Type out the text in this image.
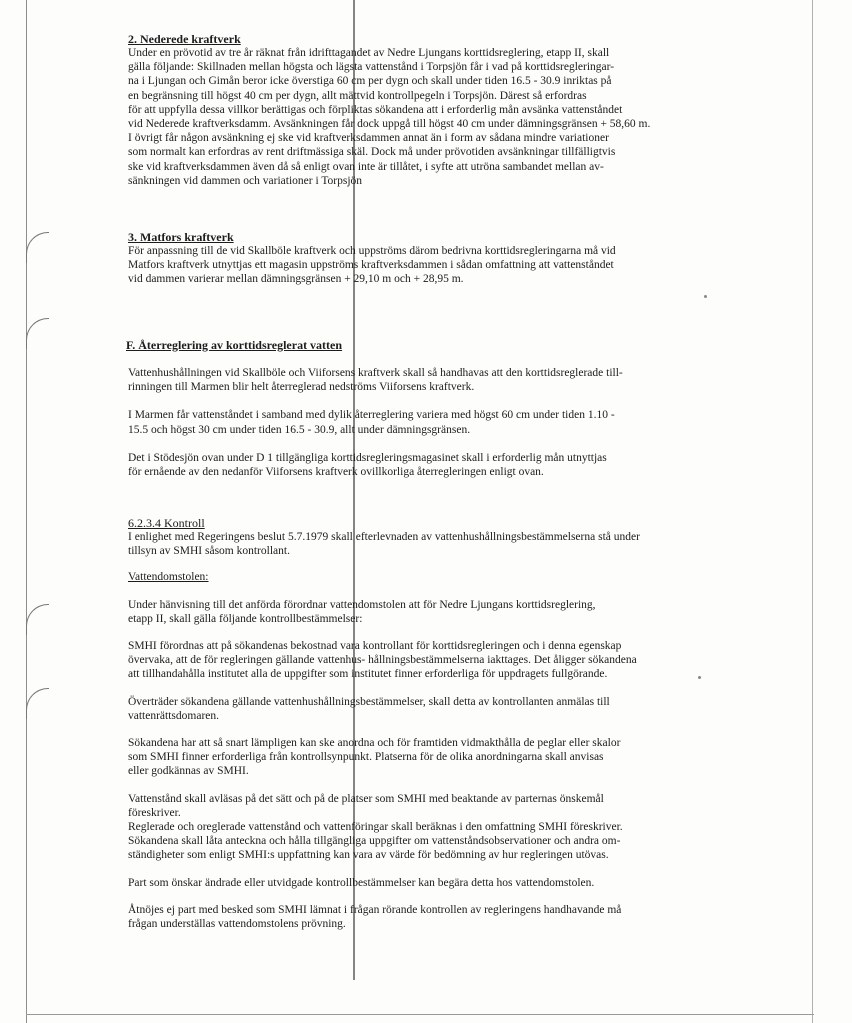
2. Nederede kraftverk

Under en prövotid av tre år räknat från idrifttagandet av Nedre Ljungans korttidsreglering, etapp II, skall
gälla följande: Skillnaden mellan högsta och lägsta vattenstånd i Torpsjön får i vad på korttidsregleringar-
na i Ljungan och Gimån beror icke överstiga 60 cm per dygn och skall under tiden 16.5 - 30.9 inriktas på
en begränsning till högst 40 cm per dygn, allt mättvid kontrollpegeln i Torpsjön. Därest så erfordras
för att uppfylla dessa villkor berättigas och förpliktas sökandena att i erforderlig mån avsänka vattenståndet
vid Nederede kraftverksdamm. Avsänkningen får dock uppgå till högst 40 cm under dämningsgränsen + 58,60 m.
I övrigt får någon avsänkning ej ske vid kraftverksdammen annat än i form av sådana mindre variationer
som normalt kan erfordras av rent driftmässiga skäl. Dock må under prövotiden avsänkningar tillfälligtvis
ske vid kraftverksdammen även då så enligt ovan inte är tillåtet, i syfte att utröna sambandet mellan av-
sänkningen vid dammen och variationer i Torpsjön

3. Matfors kraftverk

För anpassning till de vid Skallböle kraftverk och uppströms därom bedrivna korttidsregleringarna må vid
Matfors kraftverk utnyttjas ett magasin uppströms kraftverksdammen i sådan omfattning att vattenståndet
vid dammen varierar mellan dämningsgränsen + 29,10 m och + 28,95 m.

F. Återreglering av korttidsreglerat vatten

Vattenhushållningen vid Skallböle och Viiforsens kraftverk skall så handhavas att den korttidsreglerade till-
rinningen till Marmen blir helt återreglerad nedströms Viiforsens kraftverk.

I Marmen får vattenståndet i samband med dylik återreglering variera med högst 60 cm under tiden 1.10 -
15.5 och högst 30 cm under tiden 16.5 - 30.9, allt under dämningsgränsen.

Det i Stödesjön ovan under D 1 tillgängliga korttidsregleringsmagasinet skall i erforderlig mån utnyttjas
för ernående av den nedanför Viiforsens kraftverk ovillkorliga återregleringen enligt ovan.

6.2.3.4 Kontroll

I enlighet med Regeringens beslut 5.7.1979 skall efterlevnaden av vattenhushållningsbestämmelserna stå under
tillsyn av SMHI såsom kontrollant.

Vattendomstolen:

Under hänvisning till det anförda förordnar vattendomstolen att för Nedre Ljungans korttidsreglering,
etapp II, skall gälla följande kontrollbestämmelser:

SMHI förordnas att på sökandenas bekostnad vara kontrollant för korttidsregleringen och i denna egenskap
övervaka, att de för regleringen gällande vattenhus- hållningsbestämmelserna iakttages. Det åligger sökandena
att tillhandahålla institutet alla de uppgifter som institutet finner erforderliga för uppdragets fullgörande.

Överträder sökandena gällande vattenhushållningsbestämmelser, skall detta av kontrollanten anmälas till
vattenrättsdomaren.

Sökandena har att så snart lämpligen kan ske anordna och för framtiden vidmakthålla de peglar eller skalor
som SMHI finner erforderliga från kontrollsynpunkt. Platserna för de olika anordningarna skall anvisas
eller godkännas av SMHI.

Vattenstånd skall avläsas på det sätt och på de platser som SMHI med beaktande av parternas önskemål
föreskriver.
Reglerade och oreglerade vattenstånd och vattenföringar skall beräknas i den omfattning SMHI föreskriver.
Sökandena skall låta anteckna och hålla tillgängliga uppgifter om vattenståndsobservationer och andra om-
ständigheter som enligt SMHI:s uppfattning kan vara av värde för bedömning av hur regleringen utövas.

Part som önskar ändrade eller utvidgade kontrollbestämmelser kan begära detta hos vattendomstolen.

Åtnöjes ej part med besked som SMHI lämnat i frågan rörande kontrollen av regleringens handhavande må
frågan underställas vattendomstolens prövning.
